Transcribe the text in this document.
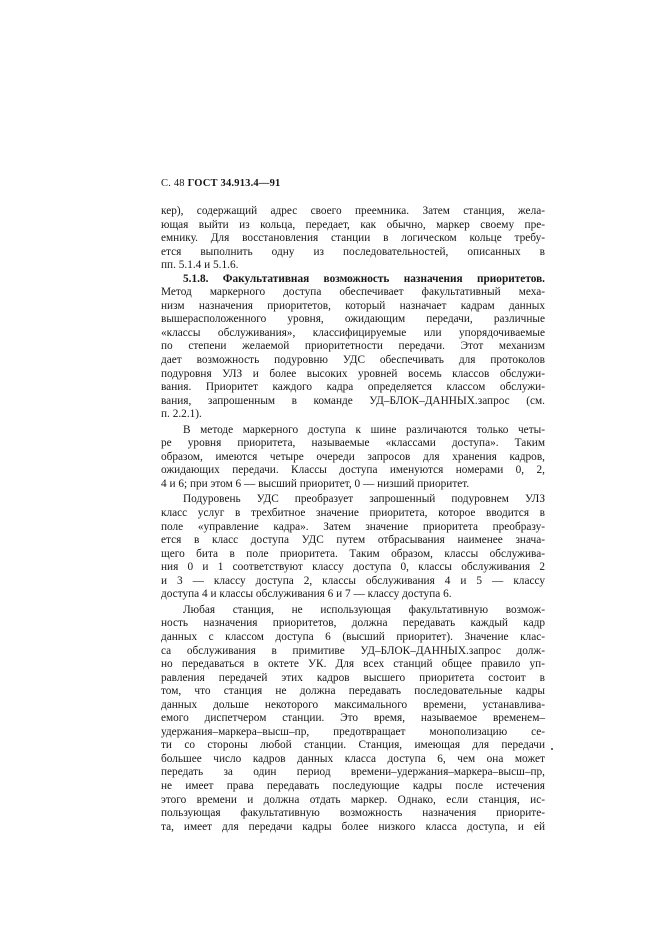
С. 48 ГОСТ 34.913.4—91
кер), содержащий адрес своего преемника. Затем станция, жела-
ющая выйти из кольца, передает, как обычно, маркер своему пре-
емнику. Для восстановления станции в логическом кольце требу-
ется выполнить одну из последовательностей, описанных в
пп. 5.1.4 и 5.1.6.
5.1.8. Факультативная возможность назначения приоритетов.
Метод маркерного доступа обеспечивает факультативный меха-
низм назначения приоритетов, который назначает кадрам данных
вышерасположенного уровня, ожидающим передачи, различные
«классы обслуживания», классифицируемые или упорядочиваемые
по степени желаемой приоритетности передачи. Этот механизм
дает возможность подуровню УДС обеспечивать для протоколов
подуровня УЛЗ и более высоких уровней восемь классов обслужи-
вания. Приоритет каждого кадра определяется классом обслужи-
вания, запрошенным в команде УД–БЛОК–ДАННЫХ.запрос (см.
п. 2.2.1).
В методе маркерного доступа к шине различаются только четы-
ре уровня приоритета, называемые «классами доступа». Таким
образом, имеются четыре очереди запросов для хранения кадров,
ожидающих передачи. Классы доступа именуются номерами 0, 2,
4 и 6; при этом 6 — высший приоритет, 0 — низший приоритет.
Подуровень УДС преобразует запрошенный подуровнем УЛЗ
класс услуг в трехбитное значение приоритета, которое вводится в
поле «управление кадра». Затем значение приоритета преобразу-
ется в класс доступа УДС путем отбрасывания наименее знача-
щего бита в поле приоритета. Таким образом, классы обслужива-
ния 0 и 1 соответствуют классу доступа 0, классы обслуживания 2
и 3 — классу доступа 2, классы обслуживания 4 и 5 — классу
доступа 4 и классы обслуживания 6 и 7 — классу доступа 6.
Любая станция, не использующая факультативную возмож-
ность назначения приоритетов, должна передавать каждый кадр
данных с классом доступа 6 (высший приоритет). Значение клас-
са обслуживания в примитиве УД–БЛОК–ДАННЫХ.запрос долж-
но передаваться в октете УК. Для всех станций общее правило уп-
равления передачей этих кадров высшего приоритета состоит в
том, что станция не должна передавать последовательные кадры
данных дольше некоторого максимального времени, устанавлива-
емого диспетчером станции. Это время, называемое временем–
удержания–маркера–высш–пр, предотвращает монополизацию се-
ти со стороны любой станции. Станция, имеющая для передачи
большее число кадров данных класса доступа 6, чем она может
передать за один период времени–удержания–маркера–высш–пр,
не имеет права передавать последующие кадры после истечения
этого времени и должна отдать маркер. Однако, если станция, ис-
пользующая факультативную возможность назначения приорите-
та, имеет для передачи кадры более низкого класса доступа, и ей
